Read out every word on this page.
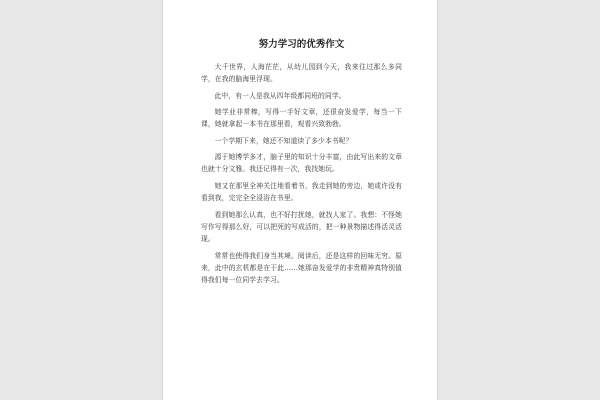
努力学习的优秀作文

大千世界，人海茫茫，从幼儿园到今天，我来往过那么多同学，在我的脑海里浮现。

此中，有一人是我从四年级都同班的同学。

她学业非常棒，写得一手好文章，还很奋发爱学，每当一下课，她就拿起一本书在那里看，观看兴致勃勃。

一个学期下来，她还不知道读了多少本书呢？

源于她博学多才，脑子里的知识十分丰富，由此写出来的文章也就十分文雅。我还记得有一次，我找她玩。

她又在那里全神关注地看着书，我走到她的旁边，她或许没有看到我，完完全全浸浴在书里。

看到她那么认真，也不好打扰她，就找人家了。我想：不怪她写作写得那么好，可以把死的写成活的，把一种景物描述得活灵活现。

常常也使得我们身当其境。阅读后，还是这样的回味无穷。原来，此中的玄机都是在于此……她那奋发爱学的非贵精神真特别值得我们每一位同学去学习。
